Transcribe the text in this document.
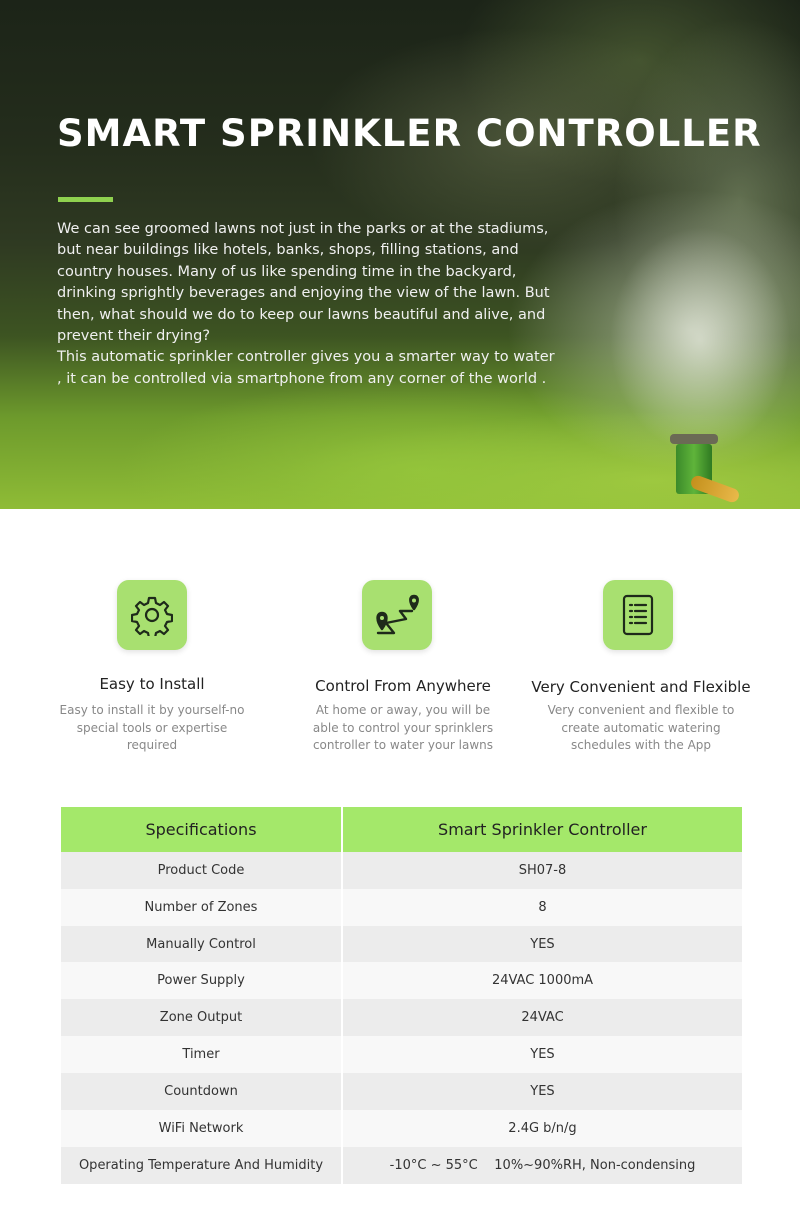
SMART SPRINKLER CONTROLLER

We can see groomed lawns not just in the parks or at the stadiums, but near buildings like hotels, banks, shops, filling stations, and country houses. Many of us like spending time in the backyard, drinking sprightly beverages and enjoying the view of the lawn. But then, what should we do to keep our lawns beautiful and alive, and prevent their drying?

This automatic sprinkler controller gives you a smarter way to water , it can be controlled via smartphone from any corner of the world .

Easy to Install
Easy to install it by yourself-no special tools or expertise required
Control From Anywhere
At home or away, you will be able to control your sprinklers controller to water your lawns
Very Convenient and Flexible
Very convenient and flexible to create automatic watering schedules with the App
Specifications	Smart Sprinkler Controller
Product Code	SH07-8
Number of Zones	8
Manually Control	YES
Power Supply	24VAC 1000mA
Zone Output	24VAC
Timer	YES
Countdown	YES
WiFi Network	2.4G b/n/g
Operating Temperature And Humidity	-10°C ~ 55°C    10%~90%RH, Non-condensing
